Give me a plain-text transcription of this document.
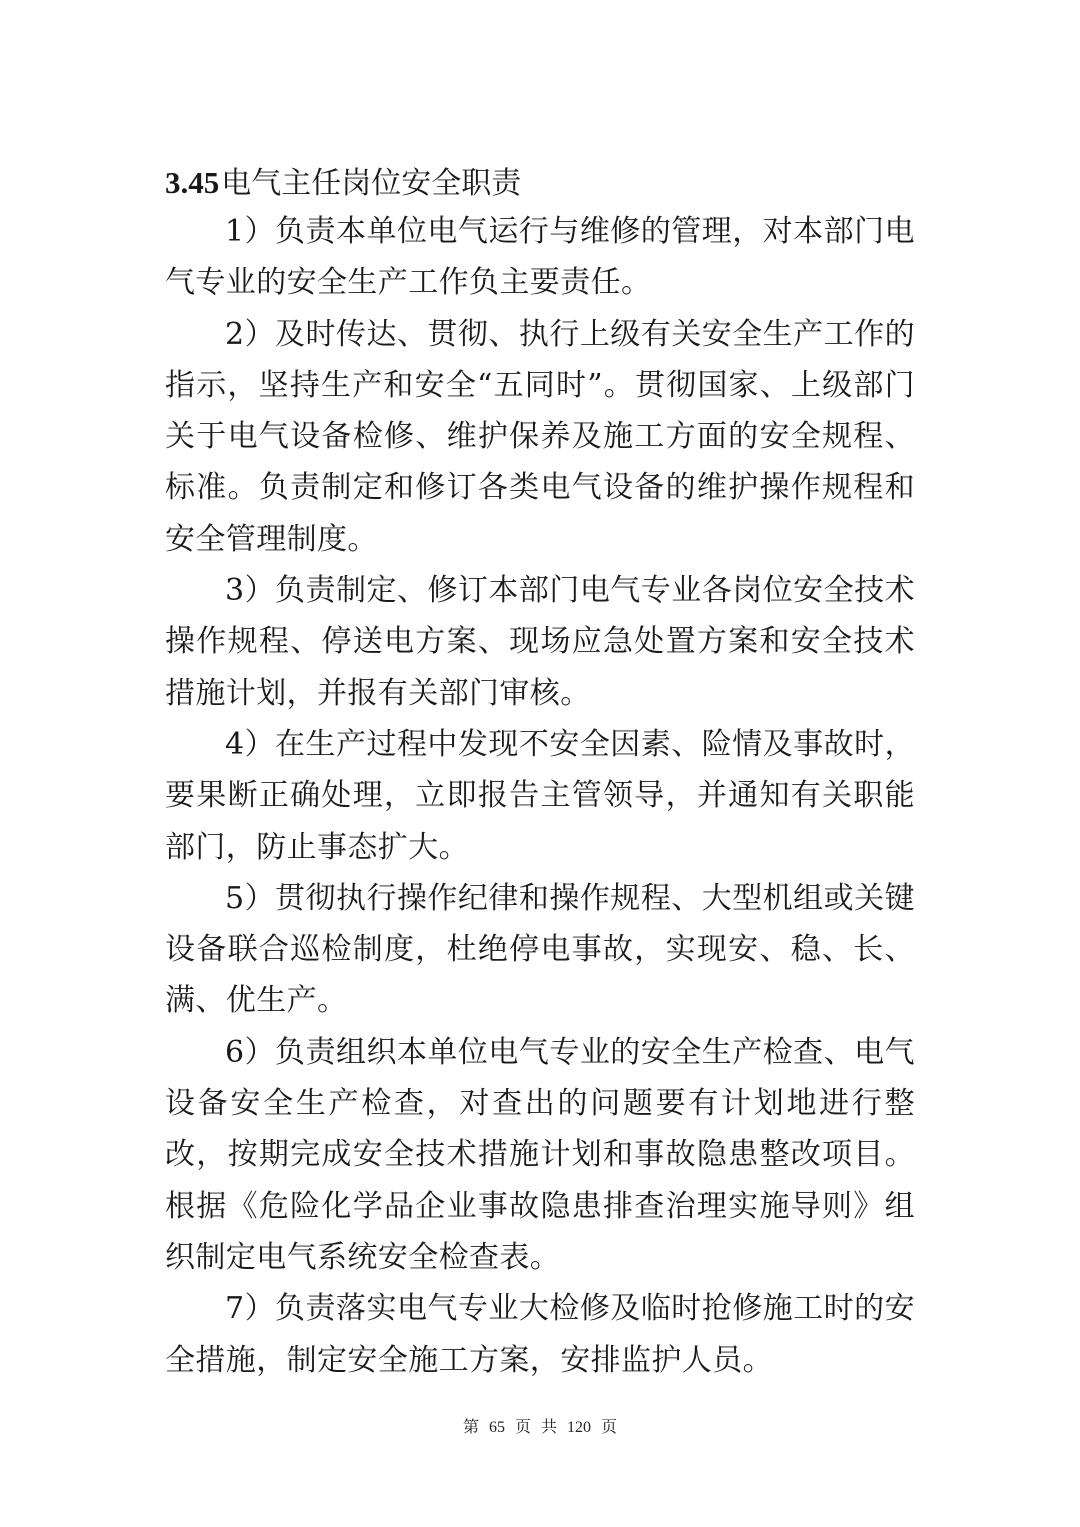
3.45电气主任岗位安全职责

1）负责本单位电气运行与维修的管理，对本部门电气专业的安全生产工作负主要责任。

2）及时传达、贯彻、执行上级有关安全生产工作的指示，坚持生产和安全“五同时”。贯彻国家、上级部门关于电气设备检修、维护保养及施工方面的安全规程、标准。负责制定和修订各类电气设备的维护操作规程和安全管理制度。

3）负责制定、修订本部门电气专业各岗位安全技术操作规程、停送电方案、现场应急处置方案和安全技术措施计划，并报有关部门审核。

4）在生产过程中发现不安全因素、险情及事故时，要果断正确处理，立即报告主管领导，并通知有关职能部门，防止事态扩大。

5）贯彻执行操作纪律和操作规程、大型机组或关键设备联合巡检制度，杜绝停电事故，实现安、稳、长、满、优生产。

6）负责组织本单位电气专业的安全生产检查、电气设备安全生产检查，对查出的问题要有计划地进行整改，按期完成安全技术措施计划和事故隐患整改项目。根据《危险化学品企业事故隐患排查治理实施导则》组织制定电气系统安全检查表。

7）负责落实电气专业大检修及临时抢修施工时的安全措施，制定安全施工方案，安排监护人员。

第 65 页 共 120 页
